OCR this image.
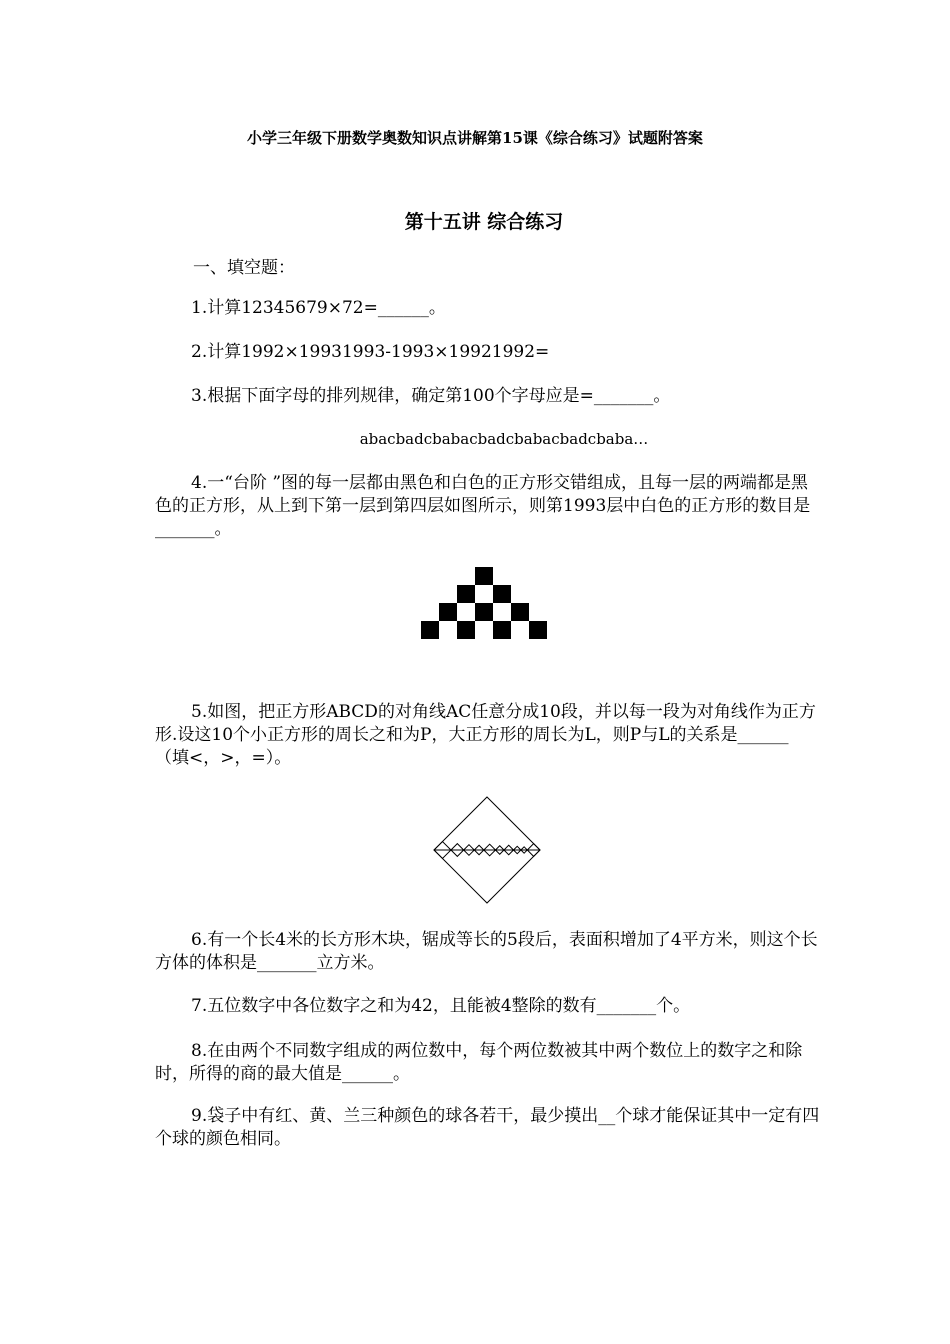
小学三年级下册数学奥数知识点讲解第15课《综合练习》试题附答案
第十五讲 综合练习
一、填空题：
1.计算12345679×72=______。
2.计算1992×19931993-1993×19921992=
3.根据下面字母的排列规律，确定第100个字母应是=_______。
abacbadcbabacbadcbabacbadcbaba…
4.一“台阶 ”图的每一层都由黑色和白色的正方形交错组成，且每一层的两端都是黑色的正方形，从上到下第一层到第四层如图所示，则第1993层中白色的正方形的数目是_______。
5.如图，把正方形ABCD的对角线AC任意分成10段，并以每一段为对角线作为正方形.设这10个小正方形的周长之和为P，大正方形的周长为L，则P与L的关系是______（填<，>，=）。
6.有一个长4米的长方形木块，锯成等长的5段后，表面积增加了4平方米，则这个长方体的体积是_______立方米。
7.五位数字中各位数字之和为42，且能被4整除的数有_______个。
8.在由两个不同数字组成的两位数中，每个两位数被其中两个数位上的数字之和除时，所得的商的最大值是______。
9.袋子中有红、黄、兰三种颜色的球各若干，最少摸出__个球才能保证其中一定有四个球的颜色相同。
